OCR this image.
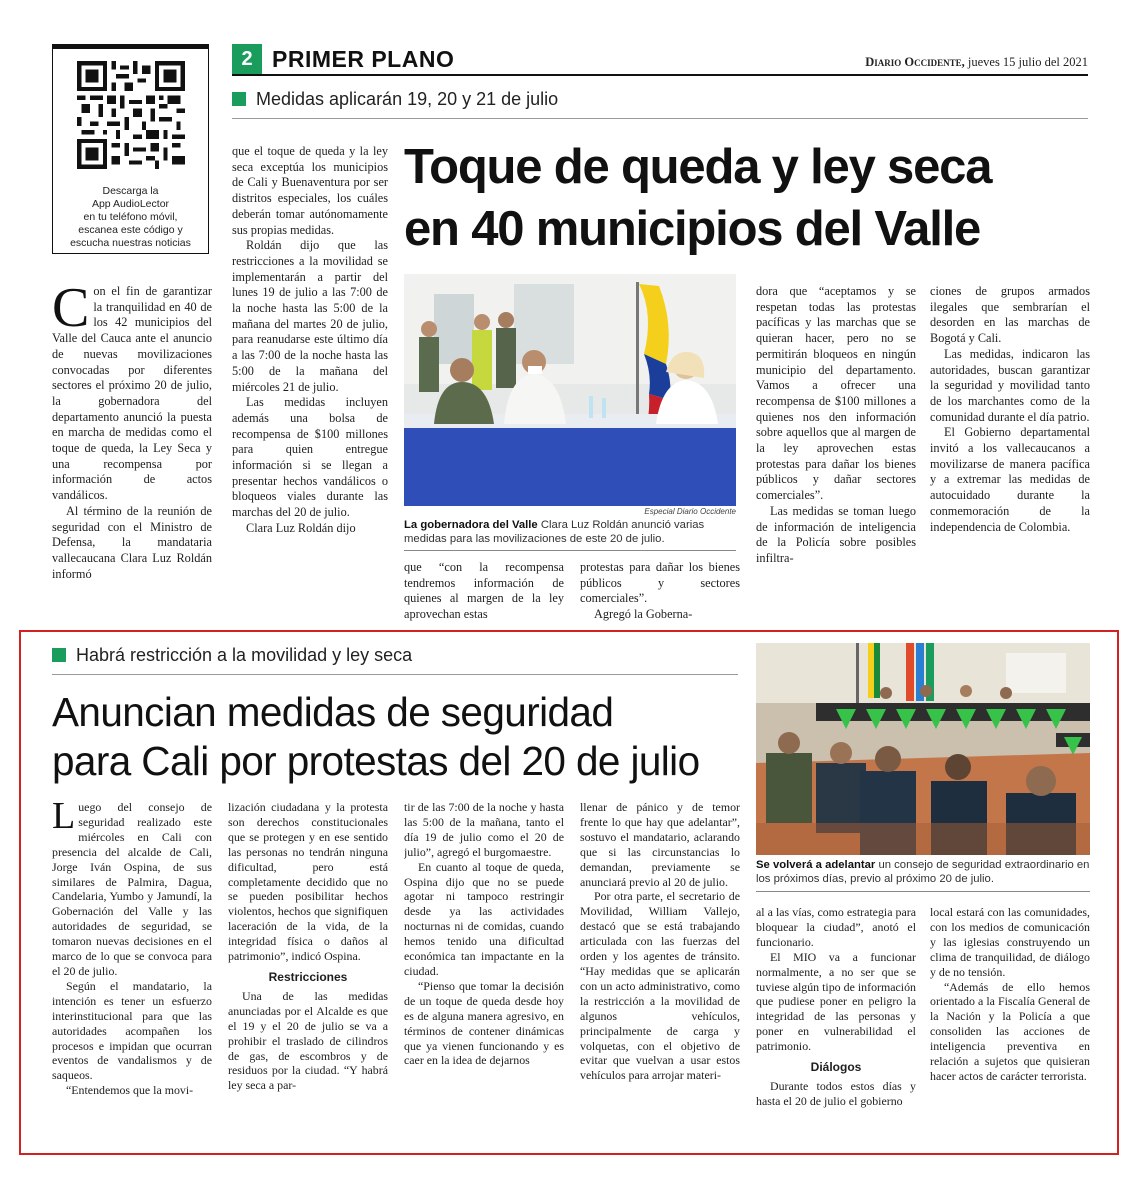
Descarga la
App AudioLector
en tu teléfono móvil,
escanea este código y
escucha nuestras noticias
2 PRIMER PLANO	Diario Occidente, jueves 15 julio del 2021
Medidas aplicarán 19, 20 y 21 de julio
Toque de queda y ley seca
en 40 municipios del Valle

Con el fin de garantizar la tranquilidad en 40 de los 42 municipios del Valle del Cauca ante el anuncio de nuevas movilizaciones convocadas por diferentes sectores el próximo 20 de julio, la gobernadora del departamento anunció la puesta en marcha de medidas como el toque de queda, la Ley Seca y una recompensa por información de actos vandálicos.

Al término de la reunión de seguridad con el Ministro de Defensa, la mandataria vallecaucana Clara Luz Roldán informó

que el toque de queda y la ley seca exceptúa los municipios de Cali y Buenaventura por ser distritos especiales, los cuáles deberán tomar autónomamente sus propias medidas.

Roldán dijo que las restricciones a la movilidad se implementarán a partir del lunes 19 de julio a las 7:00 de la noche hasta las 5:00 de la mañana del martes 20 de julio, para reanudarse este último día a las 7:00 de la noche hasta las 5:00 de la mañana del miércoles 21 de julio.

Las medidas incluyen además una bolsa de recompensa de $100 millones para quien entregue información si se llegan a presentar hechos vandálicos o bloqueos viales durante las marchas del 20 de julio.

Clara Luz Roldán dijo

Especial Diario Occidente
La gobernadora del Valle Clara Luz Roldán anunció varias medidas para las movilizaciones de este 20 de julio.

que “con la recompensa tendremos información de quienes al margen de la ley aprovechan estas

protestas para dañar los bienes públicos y sectores comerciales”.

Agregó la Goberna-

dora que “aceptamos y se respetan todas las protestas pacíficas y las marchas que se quieran hacer, pero no se permitirán bloqueos en ningún municipio del departamento. Vamos a ofrecer una recompensa de $100 millones a quienes nos den información sobre aquellos que al margen de la ley aprovechen estas protestas para dañar los bienes públicos y dañar sectores comerciales”.

Las medidas se toman luego de información de inteligencia de la Policía sobre posibles infiltra-

ciones de grupos armados ilegales que sembrarían el desorden en las marchas de Bogotá y Cali.

Las medidas, indicaron las autoridades, buscan garantizar la seguridad y movilidad tanto de los marchantes como de la comunidad durante el día patrio.

El Gobierno departamental invitó a los vallecaucanos a movilizarse de manera pacífica y a extremar las medidas de autocuidado durante la conmemoración de la independencia de Colombia.

Habrá restricción a la movilidad y ley seca
Anuncian medidas de seguridad
para Cali por protestas del 20 de julio

Luego del consejo de seguridad realizado este miércoles en Cali con presencia del alcalde de Cali, Jorge Iván Ospina, de sus similares de Palmira, Dagua, Candelaria, Yumbo y Jamundí, la Gobernación del Valle y las autoridades de seguridad, se tomaron nuevas decisiones en el marco de lo que se convoca para el 20 de julio.

Según el mandatario, la intención es tener un esfuerzo interinstitucional para que las autoridades acompañen los procesos e impidan que ocurran eventos de vandalismos y de saqueos.

“Entendemos que la movi-

lización ciudadana y la protesta son derechos constitucionales que se protegen y en ese sentido las personas no tendrán ninguna dificultad, pero está completamente decidido que no se pueden posibilitar hechos violentos, hechos que signifiquen laceración de la vida, de la integridad física o daños al patrimonio”, indicó Ospina.

Restricciones

Una de las medidas anunciadas por el Alcalde es que el 19 y el 20 de julio se va a prohibir el traslado de cilindros de gas, de escombros y de residuos por la ciudad. “Y habrá ley seca a par-

tir de las 7:00 de la noche y hasta las 5:00 de la mañana, tanto el día 19 de julio como el 20 de julio”, agregó el burgomaestre.

En cuanto al toque de queda, Ospina dijo que no se puede agotar ni tampoco restringir desde ya las actividades nocturnas ni de comidas, cuando hemos tenido una dificultad económica tan impactante en la ciudad.

“Pienso que tomar la decisión de un toque de queda desde hoy es de alguna manera agresivo, en términos de contener dinámicas que ya vienen funcionando y es caer en la idea de dejarnos

llenar de pánico y de temor frente lo que hay que adelantar”, sostuvo el mandatario, aclarando que si las circunstancias lo demandan, previamente se anunciará previo al 20 de julio.

Por otra parte, el secretario de Movilidad, William Vallejo, destacó que se está trabajando articulada con las fuerzas del orden y los agentes de tránsito. “Hay medidas que se aplicarán con un acto administrativo, como la restricción a la movilidad de algunos vehículos, principalmente de carga y volquetas, con el objetivo de evitar que vuelvan a usar estos vehículos para arrojar materi-

Se volverá a adelantar un consejo de seguridad extraordinario en los próximos días, previo al próximo 20 de julio.

al a las vías, como estrategia para bloquear la ciudad”, anotó el funcionario.

El MIO va a funcionar normalmente, a no ser que se tuviese algún tipo de información que pudiese poner en peligro la integridad de las personas y poner en vulnerabilidad el patrimonio.

Diálogos

Durante todos estos días y hasta el 20 de julio el gobierno

local estará con las comunidades, con los medios de comunicación y las iglesias construyendo un clima de tranquilidad, de diálogo y de no tensión.

“Además de ello hemos orientado a la Fiscalía General de la Nación y la Policía a que consoliden las acciones de inteligencia preventiva en relación a sujetos que quisieran hacer actos de carácter terrorista.
